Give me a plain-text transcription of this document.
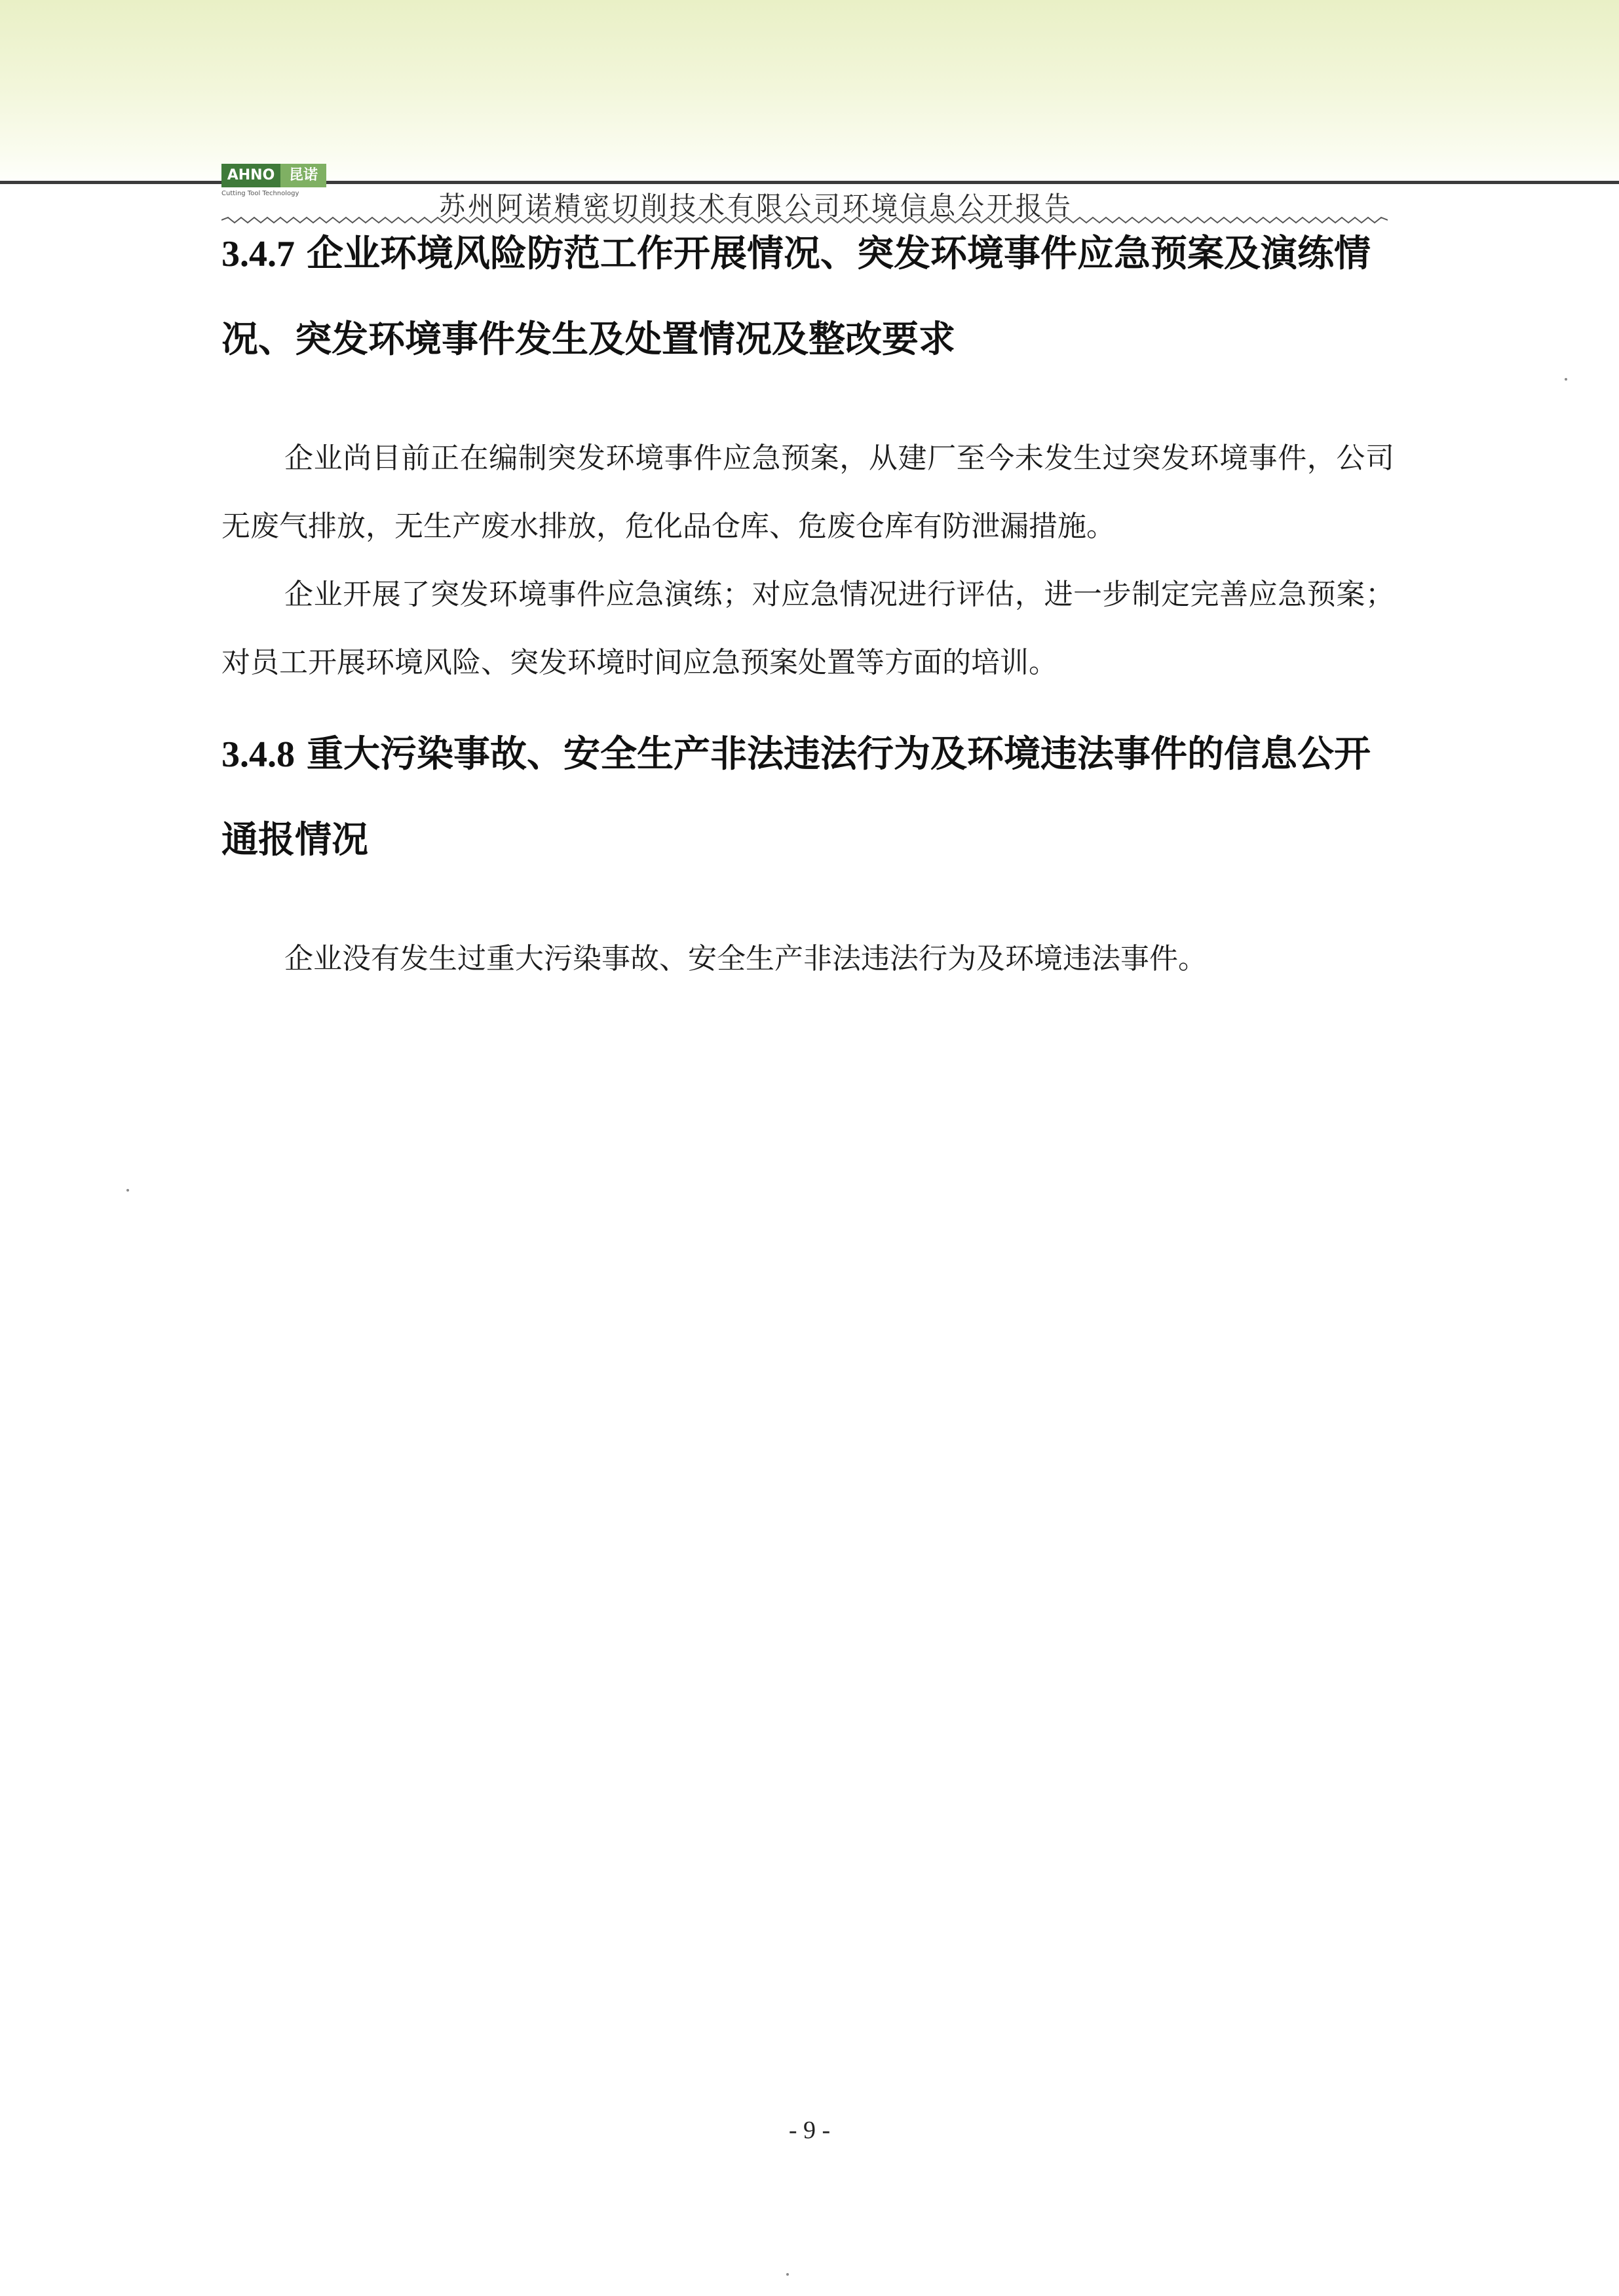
AHNO 昆诺
Cutting Tool Technology	苏州阿诺精密切削技术有限公司环境信息公开报告
3.4.7 企业环境风险防范工作开展情况、突发环境事件应急预案及演练情况、突发环境事件发生及处置情况及整改要求

企业尚目前正在编制突发环境事件应急预案，从建厂至今未发生过突发环境事件，公司无废气排放，无生产废水排放，危化品仓库、危废仓库有防泄漏措施。

企业开展了突发环境事件应急演练；对应急情况进行评估，进一步制定完善应急预案；对员工开展环境风险、突发环境时间应急预案处置等方面的培训。

3.4.8 重大污染事故、安全生产非法违法行为及环境违法事件的信息公开通报情况

企业没有发生过重大污染事故、安全生产非法违法行为及环境违法事件。

- 9 -
